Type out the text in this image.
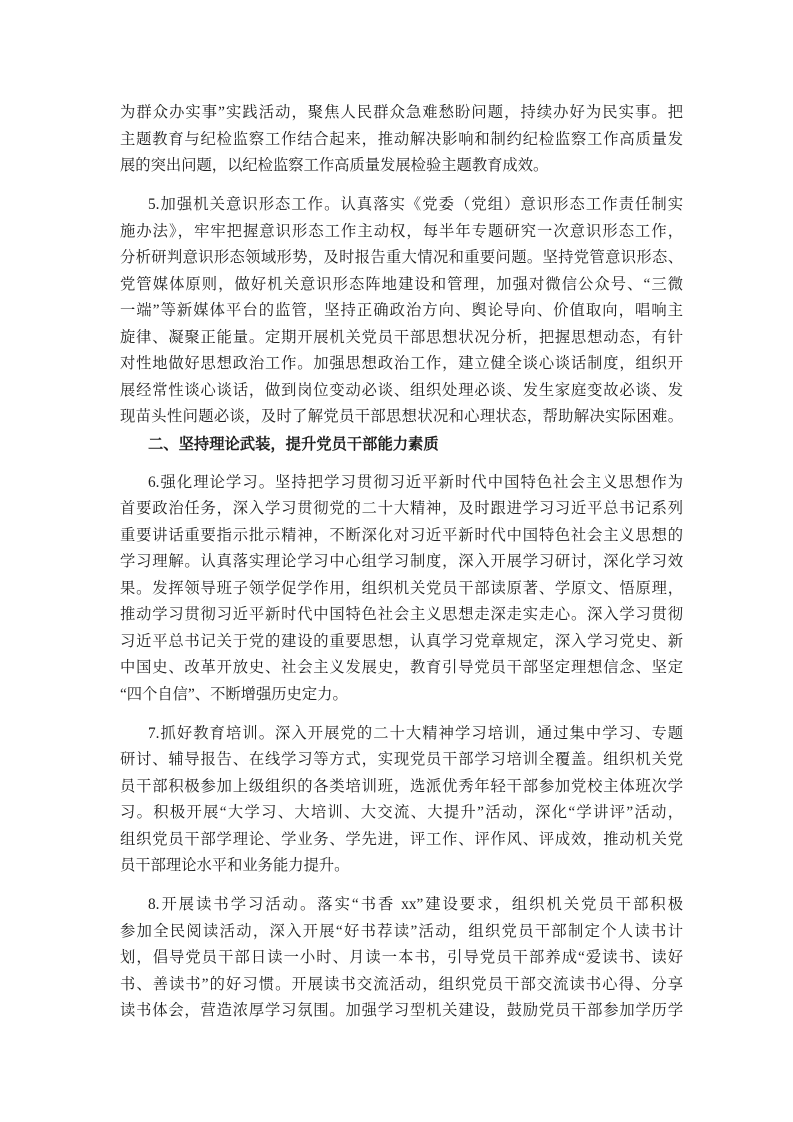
为群众办实事”实践活动，聚焦人民群众急难愁盼问题，持续办好为民实事。把
主题教育与纪检监察工作结合起来，推动解决影响和制约纪检监察工作高质量发
展的突出问题，以纪检监察工作高质量发展检验主题教育成效。
5.加强机关意识形态工作。认真落实《党委（党组）意识形态工作责任制实
施办法》，牢牢把握意识形态工作主动权，每半年专题研究一次意识形态工作，
分析研判意识形态领域形势，及时报告重大情况和重要问题。坚持党管意识形态、
党管媒体原则，做好机关意识形态阵地建设和管理，加强对微信公众号、“三微
一端”等新媒体平台的监管，坚持正确政治方向、舆论导向、价值取向，唱响主
旋律、凝聚正能量。定期开展机关党员干部思想状况分析，把握思想动态，有针
对性地做好思想政治工作。加强思想政治工作，建立健全谈心谈话制度，组织开
展经常性谈心谈话，做到岗位变动必谈、组织处理必谈、发生家庭变故必谈、发
现苗头性问题必谈，及时了解党员干部思想状况和心理状态，帮助解决实际困难。
二、坚持理论武装，提升党员干部能力素质
6.强化理论学习。坚持把学习贯彻习近平新时代中国特色社会主义思想作为
首要政治任务，深入学习贯彻党的二十大精神，及时跟进学习习近平总书记系列
重要讲话重要指示批示精神，不断深化对习近平新时代中国特色社会主义思想的
学习理解。认真落实理论学习中心组学习制度，深入开展学习研讨，深化学习效
果。发挥领导班子领学促学作用，组织机关党员干部读原著、学原文、悟原理，
推动学习贯彻习近平新时代中国特色社会主义思想走深走实走心。深入学习贯彻
习近平总书记关于党的建设的重要思想，认真学习党章规定，深入学习党史、新
中国史、改革开放史、社会主义发展史，教育引导党员干部坚定理想信念、坚定
“四个自信”、不断增强历史定力。
7.抓好教育培训。深入开展党的二十大精神学习培训，通过集中学习、专题
研讨、辅导报告、在线学习等方式，实现党员干部学习培训全覆盖。组织机关党
员干部积极参加上级组织的各类培训班，选派优秀年轻干部参加党校主体班次学
习。积极开展“大学习、大培训、大交流、大提升”活动，深化“学讲评”活动，
组织党员干部学理论、学业务、学先进，评工作、评作风、评成效，推动机关党
员干部理论水平和业务能力提升。
8.开展读书学习活动。落实“书香 xx”建设要求，组织机关党员干部积极
参加全民阅读活动，深入开展“好书荐读”活动，组织党员干部制定个人读书计
划，倡导党员干部日读一小时、月读一本书，引导党员干部养成“爱读书、读好
书、善读书”的好习惯。开展读书交流活动，组织党员干部交流读书心得、分享
读书体会，营造浓厚学习氛围。加强学习型机关建设，鼓励党员干部参加学历学
